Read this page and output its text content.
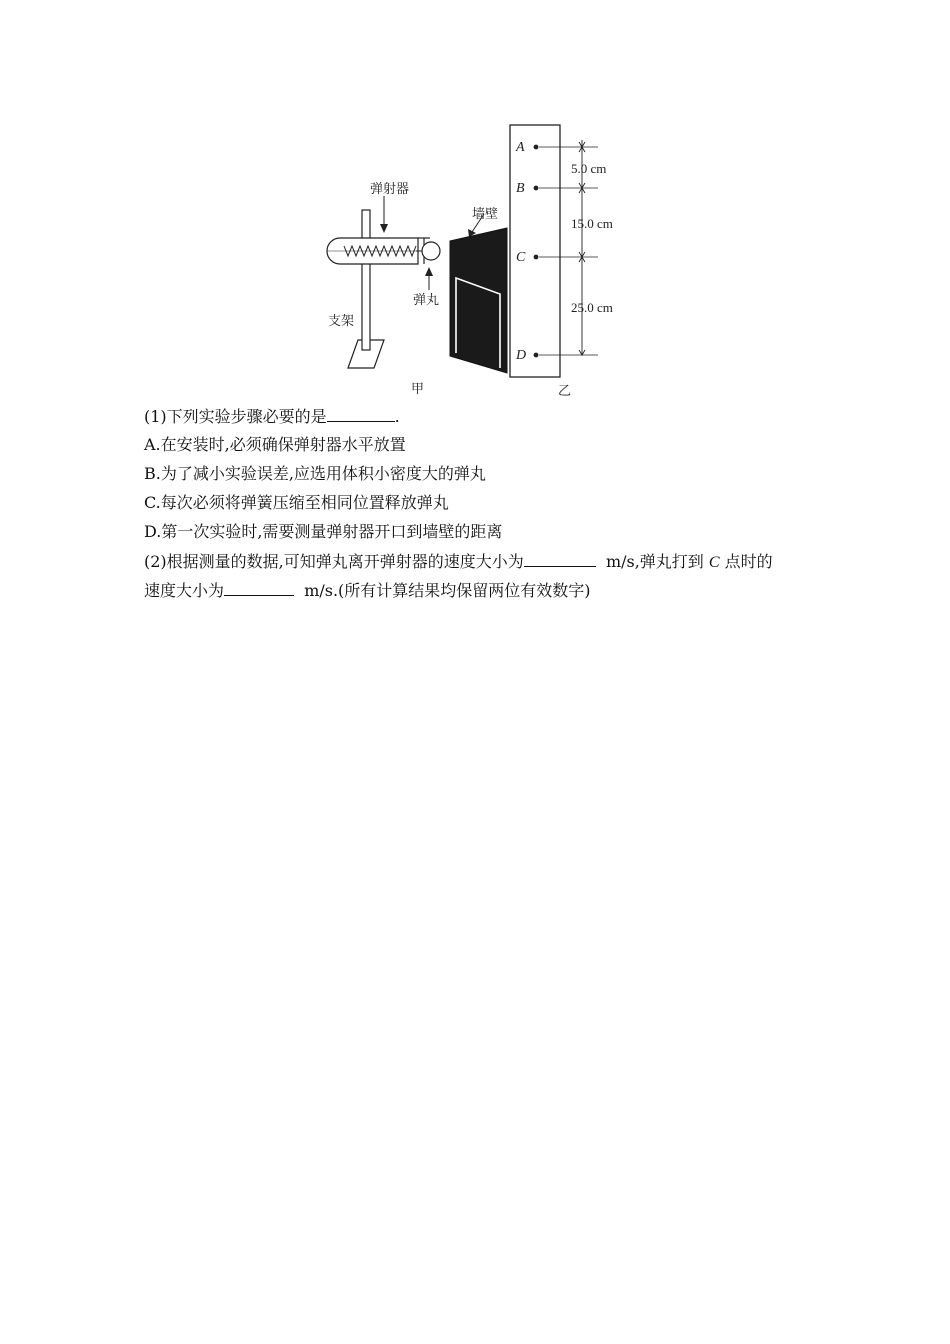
弹射器
墙壁
弹丸
支架
甲	乙
A
B
C
D
5.0 cm
15.0 cm
25.0 cm
(1)下列实验步骤必要的是	.
A.在安装时,必须确保弹射器水平放置
B.为了减小实验误差,应选用体积小密度大的弹丸
C.每次必须将弹簧压缩至相同位置释放弹丸
D.第一次实验时,需要测量弹射器开口到墙壁的距离
(2)根据测量的数据,可知弹丸离开弹射器的速度大小为	m/s,弹丸打到 C 点时的
速度大小为	m/s.(所有计算结果均保留两位有效数字)
